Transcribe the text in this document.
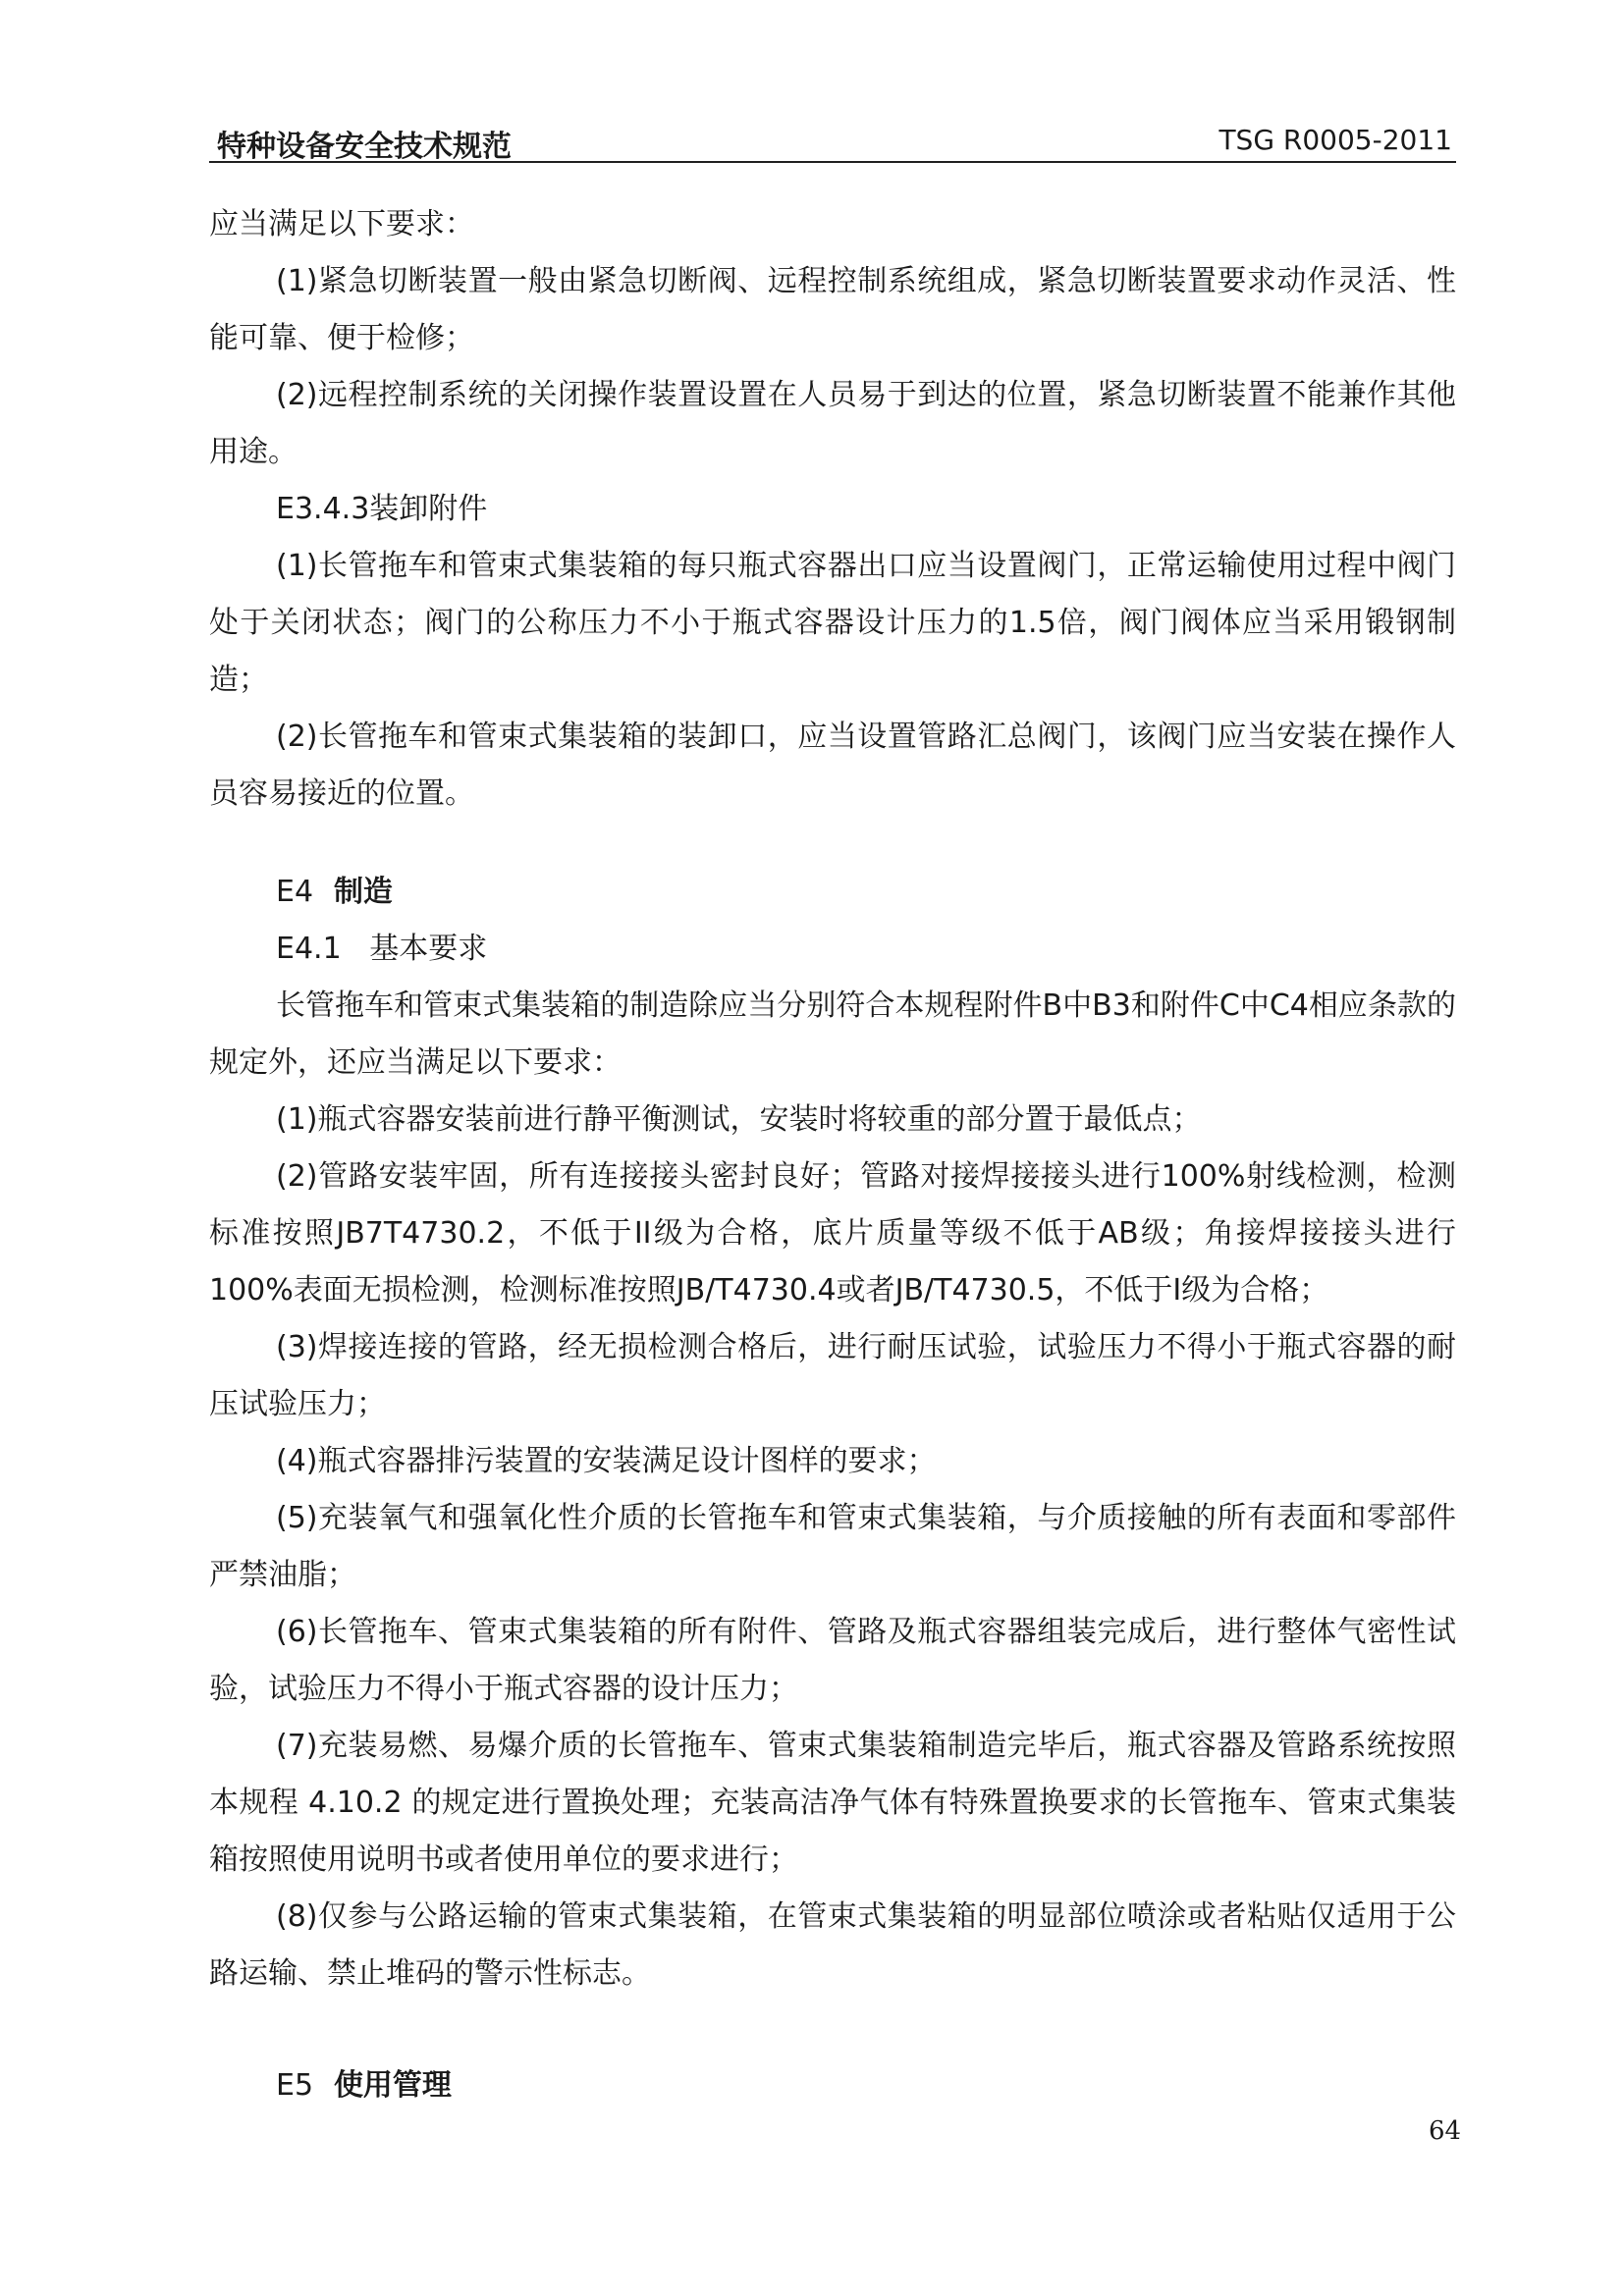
特种设备安全技术规范	TSG R0005-2011

应当满足以下要求：

(1)紧急切断装置一般由紧急切断阀、远程控制系统组成，紧急切断装置要求动作灵活、性能可靠、便于检修；

(2)远程控制系统的关闭操作装置设置在人员易于到达的位置，紧急切断装置不能兼作其他用途。

E3.4.3装卸附件

(1)长管拖车和管束式集装箱的每只瓶式容器出口应当设置阀门，正常运输使用过程中阀门处于关闭状态；阀门的公称压力不小于瓶式容器设计压力的1.5倍，阀门阀体应当采用锻钢制造；

(2)长管拖车和管束式集装箱的装卸口，应当设置管路汇总阀门，该阀门应当安装在操作人员容易接近的位置。

E4 制造

E4.1 基本要求

长管拖车和管束式集装箱的制造除应当分别符合本规程附件B中B3和附件C中C4相应条款的规定外，还应当满足以下要求：

(1)瓶式容器安装前进行静平衡测试，安装时将较重的部分置于最低点；

(2)管路安装牢固，所有连接接头密封良好；管路对接焊接接头进行100%射线检测，检测标准按照JB7T4730.2，不低于II级为合格，底片质量等级不低于AB级；角接焊接接头进行100%表面无损检测，检测标准按照JB/T4730.4或者JB/T4730.5，不低于I级为合格；

(3)焊接连接的管路，经无损检测合格后，进行耐压试验，试验压力不得小于瓶式容器的耐压试验压力；

(4)瓶式容器排污装置的安装满足设计图样的要求；

(5)充装氧气和强氧化性介质的长管拖车和管束式集装箱，与介质接触的所有表面和零部件严禁油脂；

(6)长管拖车、管束式集装箱的所有附件、管路及瓶式容器组装完成后，进行整体气密性试验，试验压力不得小于瓶式容器的设计压力；

(7)充装易燃、易爆介质的长管拖车、管束式集装箱制造完毕后，瓶式容器及管路系统按照本规程 4.10.2 的规定进行置换处理；充装高洁净气体有特殊置换要求的长管拖车、管束式集装箱按照使用说明书或者使用单位的要求进行；

(8)仅参与公路运输的管束式集装箱，在管束式集装箱的明显部位喷涂或者粘贴仅适用于公路运输、禁止堆码的警示性标志。

E5 使用管理

64
